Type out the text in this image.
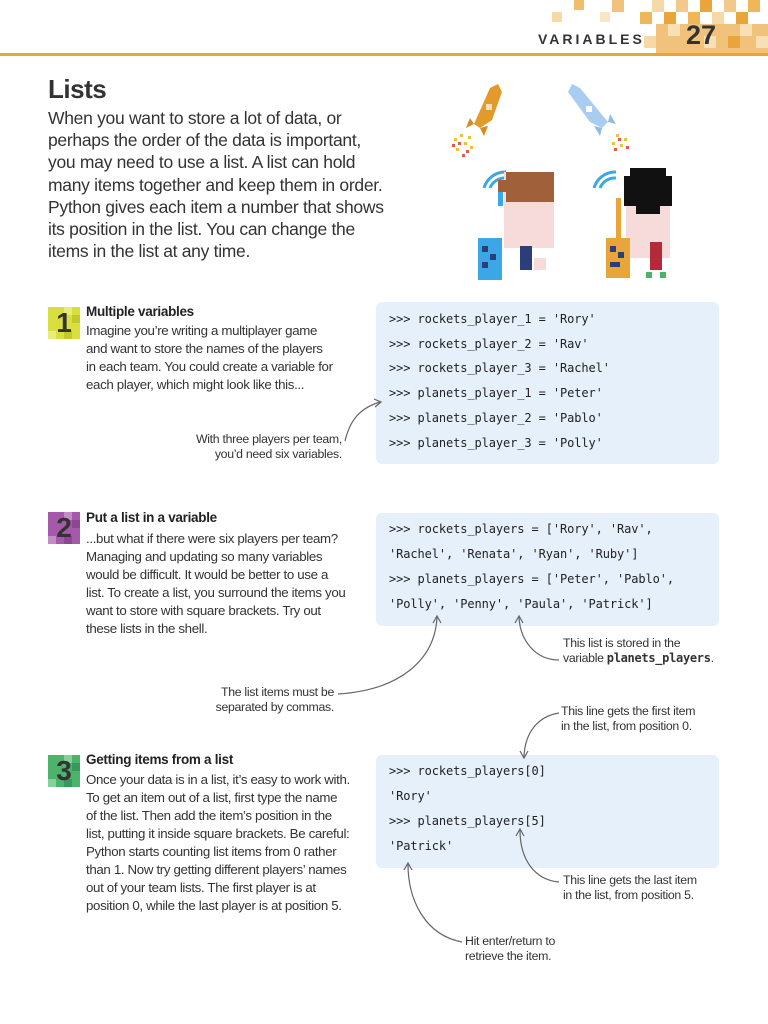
VARIABLES 27
Lists
When you want to store a lot of data, or
perhaps the order of the data is important,
you may need to use a list. A list can hold
many items together and keep them in order.
Python gives each item a number that shows
its position in the list. You can change the
items in the list at any time.
1	Multiple variables
Imagine you’re writing a multiplayer game
and want to store the names of the players
in each team. You could create a variable for
each player, which might look like this...
>>> rockets_player_1 = 'Rory'
>>> rockets_player_2 = 'Rav'
>>> rockets_player_3 = 'Rachel'
>>> planets_player_1 = 'Peter'
>>> planets_player_2 = 'Pablo'
>>> planets_player_3 = 'Polly'
With three players per team,
you’d need six variables.
2	Put a list in a variable
...but what if there were six players per team?
Managing and updating so many variables
would be difficult. It would be better to use a
list. To create a list, you surround the items you
want to store with square brackets. Try out
these lists in the shell.
>>> rockets_players = ['Rory', 'Rav',
'Rachel', 'Renata', 'Ryan', 'Ruby']
>>> planets_players = ['Peter', 'Pablo',
'Polly', 'Penny', 'Paula', 'Patrick']
This list is stored in the
variable planets_players.
The list items must be
separated by commas.	This line gets the first item
in the list, from position 0.
3	Getting items from a list
Once your data is in a list, it’s easy to work with.
To get an item out of a list, first type the name
of the list. Then add the item’s position in the
list, putting it inside square brackets. Be careful:
Python starts counting list items from 0 rather
than 1. Now try getting different players’ names
out of your team lists. The first player is at
position 0, while the last player is at position 5.
>>> rockets_players[0]
'Rory'
>>> planets_players[5]
'Patrick'
This line gets the last item
in the list, from position 5.
Hit enter/return to
retrieve the item.
